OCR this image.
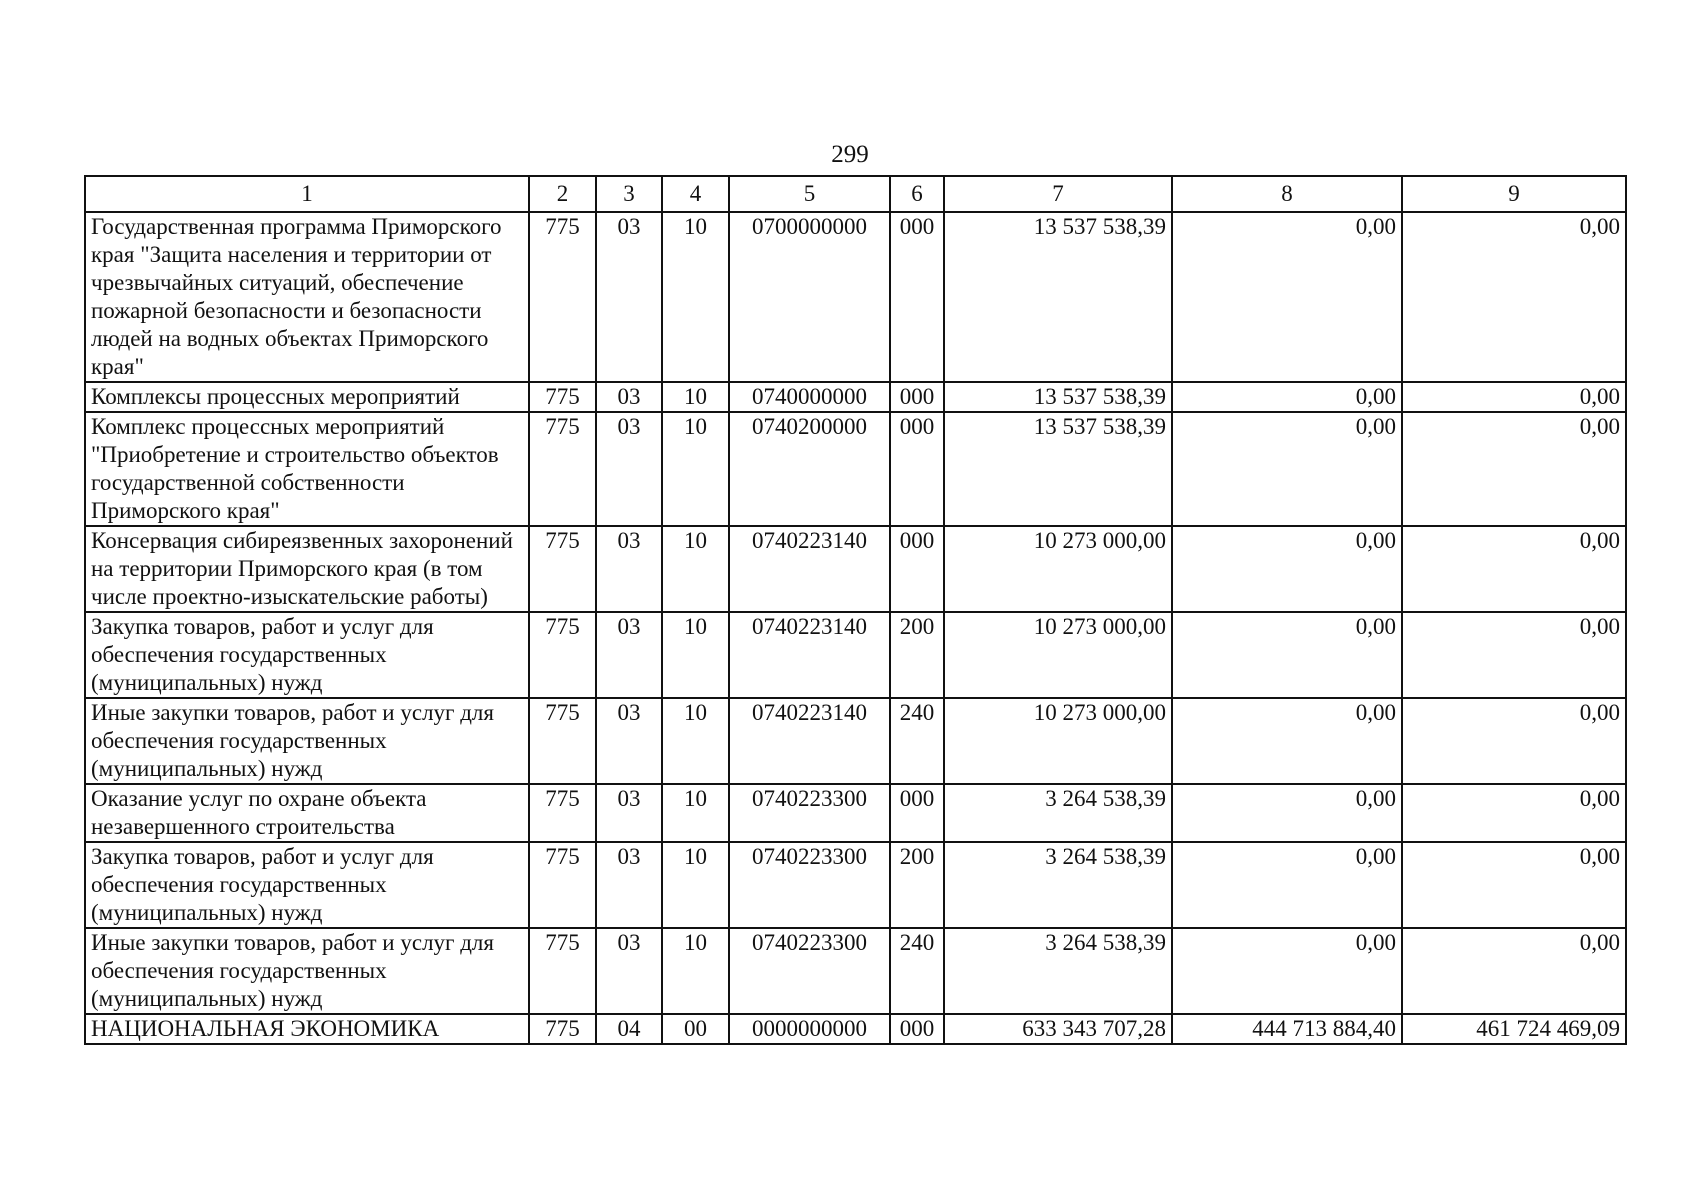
299
1	2	3	4	5	6	7	8	9
Государственная программа Приморского края "Защита населения и территории от чрезвычайных ситуаций, обеспечение пожарной безопасности и безопасности людей на водных объектах Приморского края"	775	03	10	0700000000	000	13 537 538,39	0,00	0,00
Комплексы процессных мероприятий	775	03	10	0740000000	000	13 537 538,39	0,00	0,00
Комплекс процессных мероприятий "Приобретение и строительство объектов государственной собственности Приморского края"	775	03	10	0740200000	000	13 537 538,39	0,00	0,00
Консервация сибиреязвенных захоронений на территории Приморского края (в том числе проектно-изыскательские работы)	775	03	10	0740223140	000	10 273 000,00	0,00	0,00
Закупка товаров, работ и услуг для обеспечения государственных (муниципальных) нужд	775	03	10	0740223140	200	10 273 000,00	0,00	0,00
Иные закупки товаров, работ и услуг для обеспечения государственных (муниципальных) нужд	775	03	10	0740223140	240	10 273 000,00	0,00	0,00
Оказание услуг по охране объекта незавершенного строительства	775	03	10	0740223300	000	3 264 538,39	0,00	0,00
Закупка товаров, работ и услуг для обеспечения государственных (муниципальных) нужд	775	03	10	0740223300	200	3 264 538,39	0,00	0,00
Иные закупки товаров, работ и услуг для обеспечения государственных (муниципальных) нужд	775	03	10	0740223300	240	3 264 538,39	0,00	0,00
НАЦИОНАЛЬНАЯ ЭКОНОМИКА	775	04	00	0000000000	000	633 343 707,28	444 713 884,40	461 724 469,09
